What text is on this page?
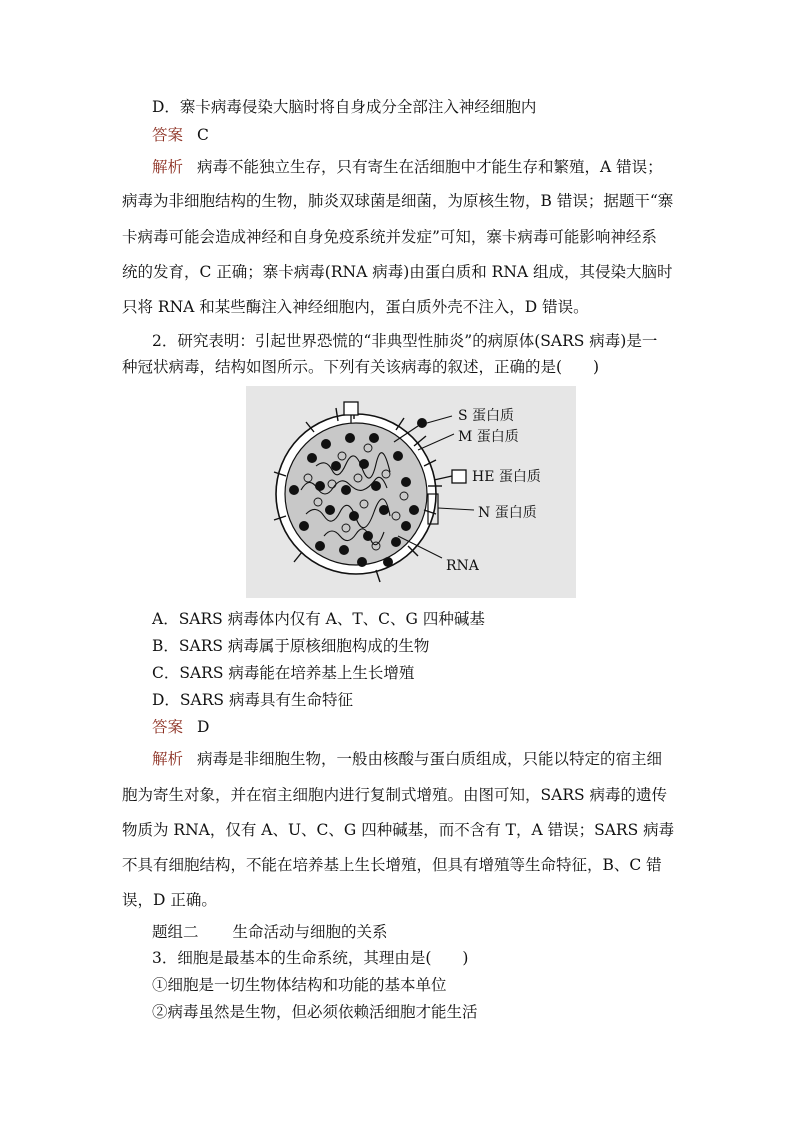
D．寨卡病毒侵染大脑时将自身成分全部注入神经细胞内
答案 C
解析 病毒不能独立生存，只有寄生在活细胞中才能生存和繁殖，A 错误；
病毒为非细胞结构的生物，肺炎双球菌是细菌，为原核生物，B 错误；据题干“寨
卡病毒可能会造成神经和自身免疫系统并发症”可知，寨卡病毒可能影响神经系
统的发育，C 正确；寨卡病毒(RNA 病毒)由蛋白质和 RNA 组成，其侵染大脑时
只将 RNA 和某些酶注入神经细胞内，蛋白质外壳不注入，D 错误。
2．研究表明：引起世界恐慌的“非典型性肺炎”的病原体(SARS 病毒)是一
种冠状病毒，结构如图所示。下列有关该病毒的叙述，正确的是(　　)
S 蛋白质
M 蛋白质
HE 蛋白质
N 蛋白质
RNA
A．SARS 病毒体内仅有 A、T、C、G 四种碱基
B．SARS 病毒属于原核细胞构成的生物
C．SARS 病毒能在培养基上生长增殖
D．SARS 病毒具有生命特征
答案 D
解析 病毒是非细胞生物，一般由核酸与蛋白质组成，只能以特定的宿主细
胞为寄生对象，并在宿主细胞内进行复制式增殖。由图可知，SARS 病毒的遗传
物质为 RNA，仅有 A、U、C、G 四种碱基，而不含有 T，A 错误；SARS 病毒
不具有细胞结构，不能在培养基上生长增殖，但具有增殖等生命特征，B、C 错
误，D 正确。
题组二 生命活动与细胞的关系
3．细胞是最基本的生命系统，其理由是(　　)
①细胞是一切生物体结构和功能的基本单位
②病毒虽然是生物，但必须依赖活细胞才能生活
